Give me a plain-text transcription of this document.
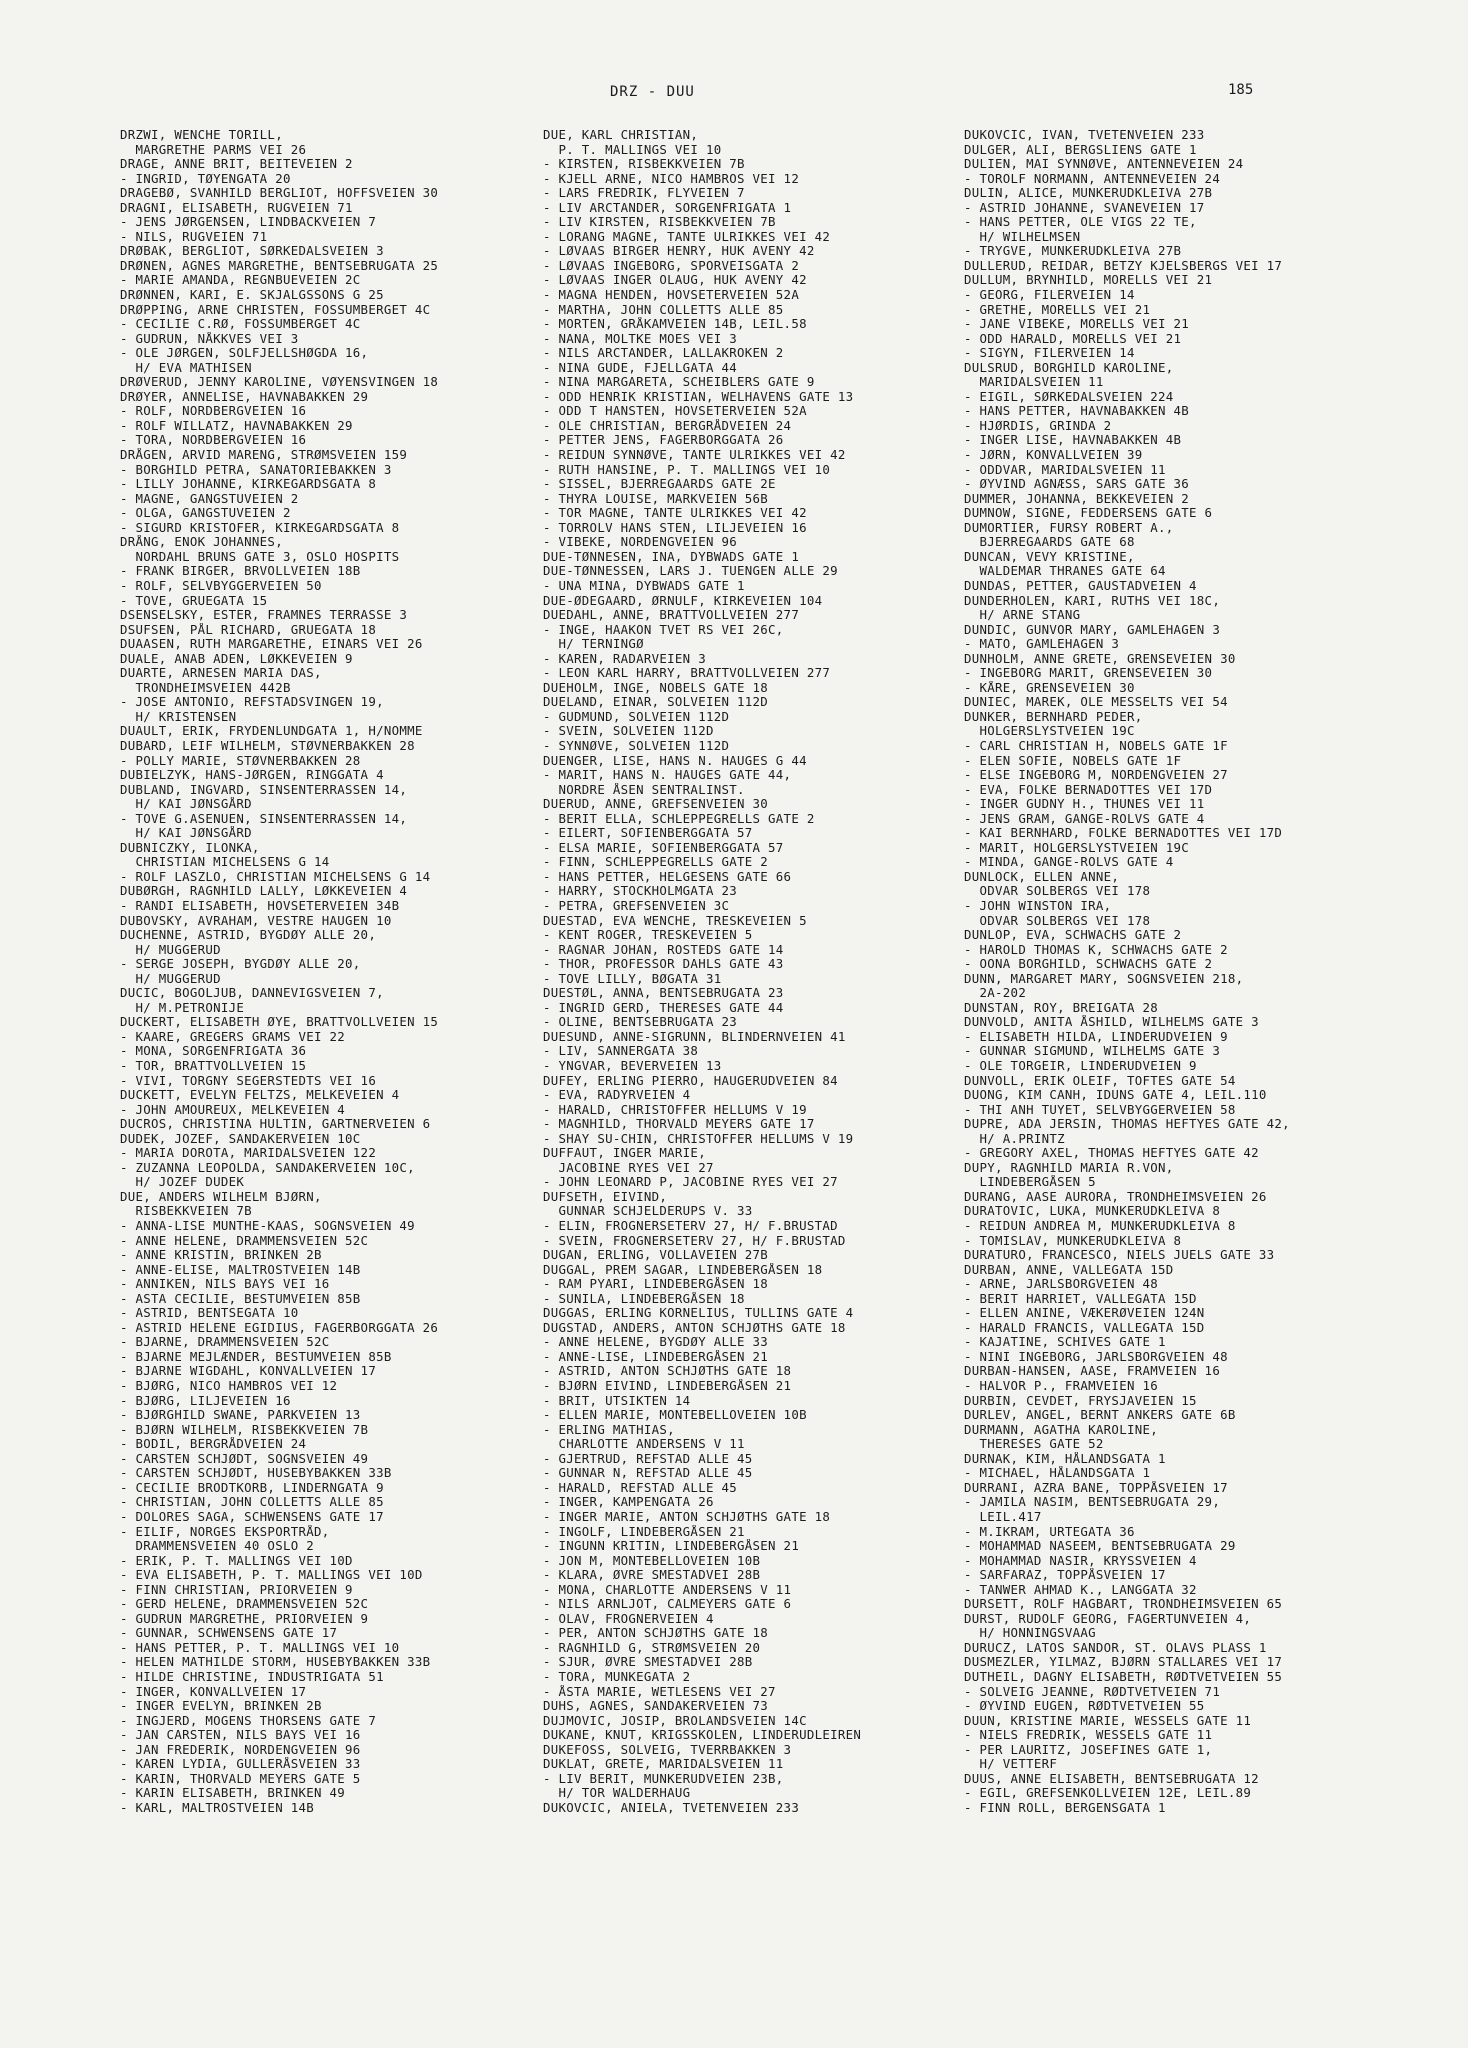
DRZ - DUU	185
DRZWI, WENCHE TORILL,
MARGRETHE PARMS VEI 26
DRAGE, ANNE BRIT, BEITEVEIEN 2
- INGRID, TØYENGATA 20
DRAGEBØ, SVANHILD BERGLIOT, HOFFSVEIEN 30
DRAGNI, ELISABETH, RUGVEIEN 71
- JENS JØRGENSEN, LINDBACKVEIEN 7
- NILS, RUGVEIEN 71
DRØBAK, BERGLIOT, SØRKEDALSVEIEN 3
DRØNEN, AGNES MARGRETHE, BENTSEBRUGATA 25
- MARIE AMANDA, REGNBUEVEIEN 2C
DRØNNEN, KARI, E. SKJALGSSONS G 25
DRØPPING, ARNE CHRISTEN, FOSSUMBERGET 4C
- CECILIE C.RØ, FOSSUMBERGET 4C
- GUDRUN, NÅKKVES VEI 3
- OLE JØRGEN, SOLFJELLSHØGDA 16,
H/ EVA MATHISEN
DRØVERUD, JENNY KAROLINE, VØYENSVINGEN 18
DRØYER, ANNELISE, HAVNABAKKEN 29
- ROLF, NORDBERGVEIEN 16
- ROLF WILLATZ, HAVNABAKKEN 29
- TORA, NORDBERGVEIEN 16
DRÅGEN, ARVID MARENG, STRØMSVEIEN 159
- BORGHILD PETRA, SANATORIEBAKKEN 3
- LILLY JOHANNE, KIRKEGARDSGATA 8
- MAGNE, GANGSTUVEIEN 2
- OLGA, GANGSTUVEIEN 2
- SIGURD KRISTOFER, KIRKEGARDSGATA 8
DRÅNG, ENOK JOHANNES,
NORDAHL BRUNS GATE 3, OSLO HOSPITS
- FRANK BIRGER, BRVOLLVEIEN 18B
- ROLF, SELVBYGGERVEIEN 50
- TOVE, GRUEGATA 15
DSENSELSKY, ESTER, FRAMNES TERRASSE 3
DSUFSEN, PÅL RICHARD, GRUEGATA 18
DUAASEN, RUTH MARGARETHE, EINARS VEI 26
DUALE, ANAB ADEN, LØKKEVEIEN 9
DUARTE, ARNESEN MARIA DAS,
TRONDHEIMSVEIEN 442B
- JOSE ANTONIO, REFSTADSVINGEN 19,
H/ KRISTENSEN
DUAULT, ERIK, FRYDENLUNDGATA 1, H/NOMME
DUBARD, LEIF WILHELM, STØVNERBAKKEN 28
- POLLY MARIE, STØVNERBAKKEN 28
DUBIELZYK, HANS-JØRGEN, RINGGATA 4
DUBLAND, INGVARD, SINSENTERRASSEN 14,
H/ KAI JØNSGÅRD
- TOVE G.ASENUEN, SINSENTERRASSEN 14,
H/ KAI JØNSGÅRD
DUBNICZKY, ILONKA,
CHRISTIAN MICHELSENS G 14
- ROLF LASZLO, CHRISTIAN MICHELSENS G 14
DUBØRGH, RAGNHILD LALLY, LØKKEVEIEN 4
- RANDI ELISABETH, HOVSETERVEIEN 34B
DUBOVSKY, AVRAHAM, VESTRE HAUGEN 10
DUCHENNE, ASTRID, BYGDØY ALLE 20,
H/ MUGGERUD
- SERGE JOSEPH, BYGDØY ALLE 20,
H/ MUGGERUD
DUCIC, BOGOLJUB, DANNEVIGSVEIEN 7,
H/ M.PETRONIJE
DUCKERT, ELISABETH ØYE, BRATTVOLLVEIEN 15
- KAARE, GREGERS GRAMS VEI 22
- MONA, SORGENFRIGATA 36
- TOR, BRATTVOLLVEIEN 15
- VIVI, TORGNY SEGERSTEDTS VEI 16
DUCKETT, EVELYN FELTZS, MELKEVEIEN 4
- JOHN AMOUREUX, MELKEVEIEN 4
DUCROS, CHRISTINA HULTIN, GARTNERVEIEN 6
DUDEK, JOZEF, SANDAKERVEIEN 10C
- MARIA DOROTA, MARIDALSVEIEN 122
- ZUZANNA LEOPOLDA, SANDAKERVEIEN 10C,
H/ JOZEF DUDEK
DUE, ANDERS WILHELM BJØRN,
RISBEKKVEIEN 7B
- ANNA-LISE MUNTHE-KAAS, SOGNSVEIEN 49
- ANNE HELENE, DRAMMENSVEIEN 52C
- ANNE KRISTIN, BRINKEN 2B
- ANNE-ELISE, MALTROSTVEIEN 14B
- ANNIKEN, NILS BAYS VEI 16
- ASTA CECILIE, BESTUMVEIEN 85B
- ASTRID, BENTSEGATA 10
- ASTRID HELENE EGIDIUS, FAGERBORGGATA 26
- BJARNE, DRAMMENSVEIEN 52C
- BJARNE MEJLÆNDER, BESTUMVEIEN 85B
- BJARNE WIGDAHL, KONVALLVEIEN 17
- BJØRG, NICO HAMBROS VEI 12
- BJØRG, LILJEVEIEN 16
- BJØRGHILD SWANE, PARKVEIEN 13
- BJØRN WILHELM, RISBEKKVEIEN 7B
- BODIL, BERGRÅDVEIEN 24
- CARSTEN SCHJØDT, SOGNSVEIEN 49
- CARSTEN SCHJØDT, HUSEBYBAKKEN 33B
- CECILIE BRODTKORB, LINDERNGATA 9
- CHRISTIAN, JOHN COLLETTS ALLE 85
- DOLORES SAGA, SCHWENSENS GATE 17
- EILIF, NORGES EKSPORTRÅD,
DRAMMENSVEIEN 40 OSLO 2
- ERIK, P. T. MALLINGS VEI 10D
- EVA ELISABETH, P. T. MALLINGS VEI 10D
- FINN CHRISTIAN, PRIORVEIEN 9
- GERD HELENE, DRAMMENSVEIEN 52C
- GUDRUN MARGRETHE, PRIORVEIEN 9
- GUNNAR, SCHWENSENS GATE 17
- HANS PETTER, P. T. MALLINGS VEI 10
- HELEN MATHILDE STORM, HUSEBYBAKKEN 33B
- HILDE CHRISTINE, INDUSTRIGATA 51
- INGER, KONVALLVEIEN 17
- INGER EVELYN, BRINKEN 2B
- INGJERD, MOGENS THORSENS GATE 7
- JAN CARSTEN, NILS BAYS VEI 16
- JAN FREDERIK, NORDENGVEIEN 96
- KAREN LYDIA, GULLERÅSVEIEN 33
- KARIN, THORVALD MEYERS GATE 5
- KARIN ELISABETH, BRINKEN 49
- KARL, MALTROSTVEIEN 14B
DUE, KARL CHRISTIAN,
P. T. MALLINGS VEI 10
- KIRSTEN, RISBEKKVEIEN 7B
- KJELL ARNE, NICO HAMBROS VEI 12
- LARS FREDRIK, FLYVEIEN 7
- LIV ARCTANDER, SORGENFRIGATA 1
- LIV KIRSTEN, RISBEKKVEIEN 7B
- LORANG MAGNE, TANTE ULRIKKES VEI 42
- LØVAAS BIRGER HENRY, HUK AVENY 42
- LØVAAS INGEBORG, SPORVEISGATA 2
- LØVAAS INGER OLAUG, HUK AVENY 42
- MAGNA HENDEN, HOVSETERVEIEN 52A
- MARTHA, JOHN COLLETTS ALLE 85
- MORTEN, GRÅKAMVEIEN 14B, LEIL.58
- NANA, MOLTKE MOES VEI 3
- NILS ARCTANDER, LALLAKROKEN 2
- NINA GUDE, FJELLGATA 44
- NINA MARGARETA, SCHEIBLERS GATE 9
- ODD HENRIK KRISTIAN, WELHAVENS GATE 13
- ODD T HANSTEN, HOVSETERVEIEN 52A
- OLE CHRISTIAN, BERGRÅDVEIEN 24
- PETTER JENS, FAGERBORGGATA 26
- REIDUN SYNNØVE, TANTE ULRIKKES VEI 42
- RUTH HANSINE, P. T. MALLINGS VEI 10
- SISSEL, BJERREGAARDS GATE 2E
- THYRA LOUISE, MARKVEIEN 56B
- TOR MAGNE, TANTE ULRIKKES VEI 42
- TORROLV HANS STEN, LILJEVEIEN 16
- VIBEKE, NORDENGVEIEN 96
DUE-TØNNESEN, INA, DYBWADS GATE 1
DUE-TØNNESSEN, LARS J. TUENGEN ALLE 29
- UNA MINA, DYBWADS GATE 1
DUE-ØDEGAARD, ØRNULF, KIRKEVEIEN 104
DUEDAHL, ANNE, BRATTVOLLVEIEN 277
- INGE, HAAKON TVET RS VEI 26C,
H/ TERNINGØ
- KAREN, RADARVEIEN 3
- LEON KARL HARRY, BRATTVOLLVEIEN 277
DUEHOLM, INGE, NOBELS GATE 18
DUELAND, EINAR, SOLVEIEN 112D
- GUDMUND, SOLVEIEN 112D
- SVEIN, SOLVEIEN 112D
- SYNNØVE, SOLVEIEN 112D
DUENGER, LISE, HANS N. HAUGES G 44
- MARIT, HANS N. HAUGES GATE 44,
NORDRE ÅSEN SENTRALINST.
DUERUD, ANNE, GREFSENVEIEN 30
- BERIT ELLA, SCHLEPPEGRELLS GATE 2
- EILERT, SOFIENBERGGATA 57
- ELSA MARIE, SOFIENBERGGATA 57
- FINN, SCHLEPPEGRELLS GATE 2
- HANS PETTER, HELGESENS GATE 66
- HARRY, STOCKHOLMGATA 23
- PETRA, GREFSENVEIEN 3C
DUESTAD, EVA WENCHE, TRESKEVEIEN 5
- KENT ROGER, TRESKEVEIEN 5
- RAGNAR JOHAN, ROSTEDS GATE 14
- THOR, PROFESSOR DAHLS GATE 43
- TOVE LILLY, BØGATA 31
DUESTØL, ANNA, BENTSEBRUGATA 23
- INGRID GERD, THERESES GATE 44
- OLINE, BENTSEBRUGATA 23
DUESUND, ANNE-SIGRUNN, BLINDERNVEIEN 41
- LIV, SANNERGATA 38
- YNGVAR, BEVERVEIEN 13
DUFEY, ERLING PIERRO, HAUGERUDVEIEN 84
- EVA, RADYRVEIEN 4
- HARALD, CHRISTOFFER HELLUMS V 19
- MAGNHILD, THORVALD MEYERS GATE 17
- SHAY SU-CHIN, CHRISTOFFER HELLUMS V 19
DUFFAUT, INGER MARIE,
JACOBINE RYES VEI 27
- JOHN LEONARD P, JACOBINE RYES VEI 27
DUFSETH, EIVIND,
GUNNAR SCHJELDERUPS V. 33
- ELIN, FROGNERSETERV 27, H/ F.BRUSTAD
- SVEIN, FROGNERSETERV 27, H/ F.BRUSTAD
DUGAN, ERLING, VOLLAVEIEN 27B
DUGGAL, PREM SAGAR, LINDEBERGÅSEN 18
- RAM PYARI, LINDEBERGÅSEN 18
- SUNILA, LINDEBERGÅSEN 18
DUGGAS, ERLING KORNELIUS, TULLINS GATE 4
DUGSTAD, ANDERS, ANTON SCHJØTHS GATE 18
- ANNE HELENE, BYGDØY ALLE 33
- ANNE-LISE, LINDEBERGÅSEN 21
- ASTRID, ANTON SCHJØTHS GATE 18
- BJØRN EIVIND, LINDEBERGÅSEN 21
- BRIT, UTSIKTEN 14
- ELLEN MARIE, MONTEBELLOVEIEN 10B
- ERLING MATHIAS,
CHARLOTTE ANDERSENS V 11
- GJERTRUD, REFSTAD ALLE 45
- GUNNAR N, REFSTAD ALLE 45
- HARALD, REFSTAD ALLE 45
- INGER, KAMPENGATA 26
- INGER MARIE, ANTON SCHJØTHS GATE 18
- INGOLF, LINDEBERGÅSEN 21
- INGUNN KRITIN, LINDEBERGÅSEN 21
- JON M, MONTEBELLOVEIEN 10B
- KLARA, ØVRE SMESTADVEI 28B
- MONA, CHARLOTTE ANDERSENS V 11
- NILS ARNLJOT, CALMEYERS GATE 6
- OLAV, FROGNERVEIEN 4
- PER, ANTON SCHJØTHS GATE 18
- RAGNHILD G, STRØMSVEIEN 20
- SJUR, ØVRE SMESTADVEI 28B
- TORA, MUNKEGATA 2
- ÅSTA MARIE, WETLESENS VEI 27
DUHS, AGNES, SANDAKERVEIEN 73
DUJMOVIC, JOSIP, BROLANDSVEIEN 14C
DUKANE, KNUT, KRIGSSKOLEN, LINDERUDLEIREN
DUKEFOSS, SOLVEIG, TVERRBAKKEN 3
DUKLAT, GRETE, MARIDALSVEIEN 11
- LIV BERIT, MUNKERUDVEIEN 23B,
H/ TOR WALDERHAUG
DUKOVCIC, ANIELA, TVETENVEIEN 233
DUKOVCIC, IVAN, TVETENVEIEN 233
DULGER, ALI, BERGSLIENS GATE 1
DULIEN, MAI SYNNØVE, ANTENNEVEIEN 24
- TOROLF NORMANN, ANTENNEVEIEN 24
DULIN, ALICE, MUNKERUDKLEIVA 27B
- ASTRID JOHANNE, SVANEVEIEN 17
- HANS PETTER, OLE VIGS 22 TE,
H/ WILHELMSEN
- TRYGVE, MUNKERUDKLEIVA 27B
DULLERUD, REIDAR, BETZY KJELSBERGS VEI 17
DULLUM, BRYNHILD, MORELLS VEI 21
- GEORG, FILERVEIEN 14
- GRETHE, MORELLS VEI 21
- JANE VIBEKE, MORELLS VEI 21
- ODD HARALD, MORELLS VEI 21
- SIGYN, FILERVEIEN 14
DULSRUD, BORGHILD KAROLINE,
MARIDALSVEIEN 11
- EIGIL, SØRKEDALSVEIEN 224
- HANS PETTER, HAVNABAKKEN 4B
- HJØRDIS, GRINDA 2
- INGER LISE, HAVNABAKKEN 4B
- JØRN, KONVALLVEIEN 39
- ODDVAR, MARIDALSVEIEN 11
- ØYVIND AGNÆSS, SARS GATE 36
DUMMER, JOHANNA, BEKKEVEIEN 2
DUMNOW, SIGNE, FEDDERSENS GATE 6
DUMORTIER, FURSY ROBERT A.,
BJERREGAARDS GATE 68
DUNCAN, VEVY KRISTINE,
WALDEMAR THRANES GATE 64
DUNDAS, PETTER, GAUSTADVEIEN 4
DUNDERHOLEN, KARI, RUTHS VEI 18C,
H/ ARNE STANG
DUNDIC, GUNVOR MARY, GAMLEHAGEN 3
- MATO, GAMLEHAGEN 3
DUNHOLM, ANNE GRETE, GRENSEVEIEN 30
- INGEBORG MARIT, GRENSEVEIEN 30
- KÅRE, GRENSEVEIEN 30
DUNIEC, MAREK, OLE MESSELTS VEI 54
DUNKER, BERNHARD PEDER,
HOLGERSLYSTVEIEN 19C
- CARL CHRISTIAN H, NOBELS GATE 1F
- ELEN SOFIE, NOBELS GATE 1F
- ELSE INGEBORG M, NORDENGVEIEN 27
- EVA, FOLKE BERNADOTTES VEI 17D
- INGER GUDNY H., THUNES VEI 11
- JENS GRAM, GANGE-ROLVS GATE 4
- KAI BERNHARD, FOLKE BERNADOTTES VEI 17D
- MARIT, HOLGERSLYSTVEIEN 19C
- MINDA, GANGE-ROLVS GATE 4
DUNLOCK, ELLEN ANNE,
ODVAR SOLBERGS VEI 178
- JOHN WINSTON IRA,
ODVAR SOLBERGS VEI 178
DUNLOP, EVA, SCHWACHS GATE 2
- HAROLD THOMAS K, SCHWACHS GATE 2
- OONA BORGHILD, SCHWACHS GATE 2
DUNN, MARGARET MARY, SOGNSVEIEN 218,
2A-202
DUNSTAN, ROY, BREIGATA 28
DUNVOLD, ANITA ÅSHILD, WILHELMS GATE 3
- ELISABETH HILDA, LINDERUDVEIEN 9
- GUNNAR SIGMUND, WILHELMS GATE 3
- OLE TORGEIR, LINDERUDVEIEN 9
DUNVOLL, ERIK OLEIF, TOFTES GATE 54
DUONG, KIM CANH, IDUNS GATE 4, LEIL.110
- THI ANH TUYET, SELVBYGGERVEIEN 58
DUPRE, ADA JERSIN, THOMAS HEFTYES GATE 42,
H/ A.PRINTZ
- GREGORY AXEL, THOMAS HEFTYES GATE 42
DUPY, RAGNHILD MARIA R.VON,
LINDEBERGÅSEN 5
DURANG, AASE AURORA, TRONDHEIMSVEIEN 26
DURATOVIC, LUKA, MUNKERUDKLEIVA 8
- REIDUN ANDREA M, MUNKERUDKLEIVA 8
- TOMISLAV, MUNKERUDKLEIVA 8
DURATURO, FRANCESCO, NIELS JUELS GATE 33
DURBAN, ANNE, VALLEGATA 15D
- ARNE, JARLSBORGVEIEN 48
- BERIT HARRIET, VALLEGATA 15D
- ELLEN ANINE, VÆKERØVEIEN 124N
- HARALD FRANCIS, VALLEGATA 15D
- KAJATINE, SCHIVES GATE 1
- NINI INGEBORG, JARLSBORGVEIEN 48
DURBAN-HANSEN, AASE, FRAMVEIEN 16
- HALVOR P., FRAMVEIEN 16
DURBIN, CEVDET, FRYSJAVEIEN 15
DURLEV, ANGEL, BERNT ANKERS GATE 6B
DURMANN, AGATHA KAROLINE,
THERESES GATE 52
DURNAK, KIM, HÅLANDSGATA 1
- MICHAEL, HÅLANDSGATA 1
DURRANI, AZRA BANE, TOPPÅSVEIEN 17
- JAMILA NASIM, BENTSEBRUGATA 29,
LEIL.417
- M.IKRAM, URTEGATA 36
- MOHAMMAD NASEEM, BENTSEBRUGATA 29
- MOHAMMAD NASIR, KRYSSVEIEN 4
- SARFARAZ, TOPPÅSVEIEN 17
- TANWER AHMAD K., LANGGATA 32
DURSETT, ROLF HAGBART, TRONDHEIMSVEIEN 65
DURST, RUDOLF GEORG, FAGERTUNVEIEN 4,
H/ HONNINGSVAAG
DURUCZ, LATOS SANDOR, ST. OLAVS PLASS 1
DUSMEZLER, YILMAZ, BJØRN STALLARES VEI 17
DUTHEIL, DAGNY ELISABETH, RØDTVETVEIEN 55
- SOLVEIG JEANNE, RØDTVETVEIEN 71
- ØYVIND EUGEN, RØDTVETVEIEN 55
DUUN, KRISTINE MARIE, WESSELS GATE 11
- NIELS FREDRIK, WESSELS GATE 11
- PER LAURITZ, JOSEFINES GATE 1,
H/ VETTERF
DUUS, ANNE ELISABETH, BENTSEBRUGATA 12
- EGIL, GREFSENKOLLVEIEN 12E, LEIL.89
- FINN ROLL, BERGENSGATA 1
